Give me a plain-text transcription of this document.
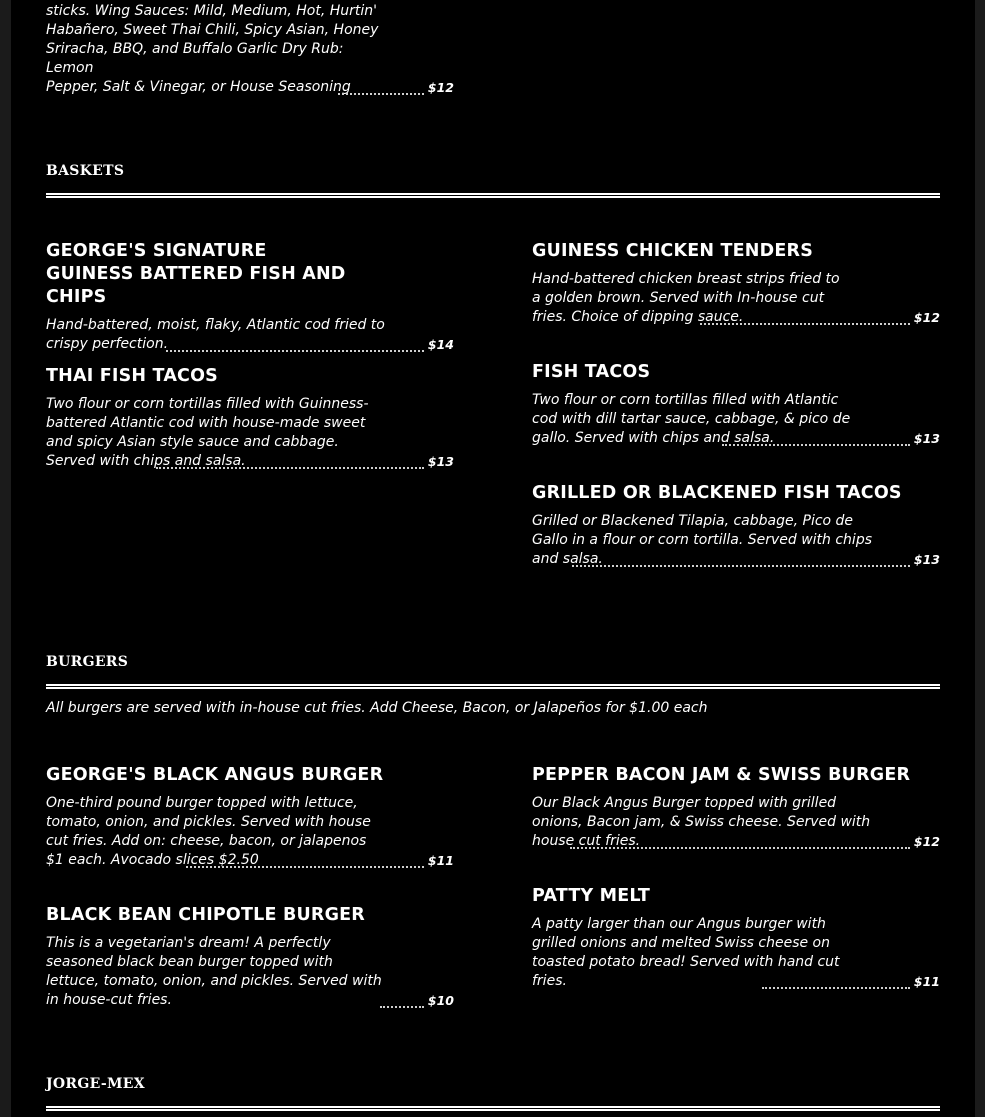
sticks. Wing Sauces: Mild, Medium, Hot, Hurtin'
Habañero, Sweet Thai Chili, Spicy Asian, Honey
Sriracha, BBQ, and Buffalo Garlic Dry Rub: Lemon
Pepper, Salt & Vinegar, or House Seasoning	$12
BASKETS
GEORGE'S SIGNATURE GUINESS BATTERED FISH AND CHIPS
Hand-battered, moist, flaky, Atlantic cod fried to crispy perfection.	$14
THAI FISH TACOS
Two flour or corn tortillas filled with Guinness-battered Atlantic cod with house-made sweet and spicy Asian style sauce and cabbage. Served with chips and salsa.	$13
GUINESS CHICKEN TENDERS
Hand-battered chicken breast strips fried to a golden brown. Served with In-house cut fries. Choice of dipping sauce.	$12
FISH TACOS
Two flour or corn tortillas filled with Atlantic cod with dill tartar sauce, cabbage, & pico de gallo. Served with chips and salsa.	$13
GRILLED OR BLACKENED FISH TACOS
Grilled or Blackened Tilapia, cabbage, Pico de Gallo in a flour or corn tortilla. Served with chips and salsa.	$13
BURGERS
All burgers are served with in-house cut fries. Add Cheese, Bacon, or Jalapeños for $1.00 each
GEORGE'S BLACK ANGUS BURGER
One-third pound burger topped with lettuce, tomato, onion, and pickles. Served with house cut fries. Add on: cheese, bacon, or jalapenos $1 each. Avocado slices $2.50	$11
BLACK BEAN CHIPOTLE BURGER
This is a vegetarian's dream! A perfectly seasoned black bean burger topped with lettuce, tomato, onion, and pickles. Served with in house-cut fries.	$10
PEPPER BACON JAM & SWISS BURGER
Our Black Angus Burger topped with grilled onions, Bacon jam, & Swiss cheese. Served with house cut fries.	$12
PATTY MELT
A patty larger than our Angus burger with grilled onions and melted Swiss cheese on toasted potato bread! Served with hand cut fries.	$11
JORGE-MEX
